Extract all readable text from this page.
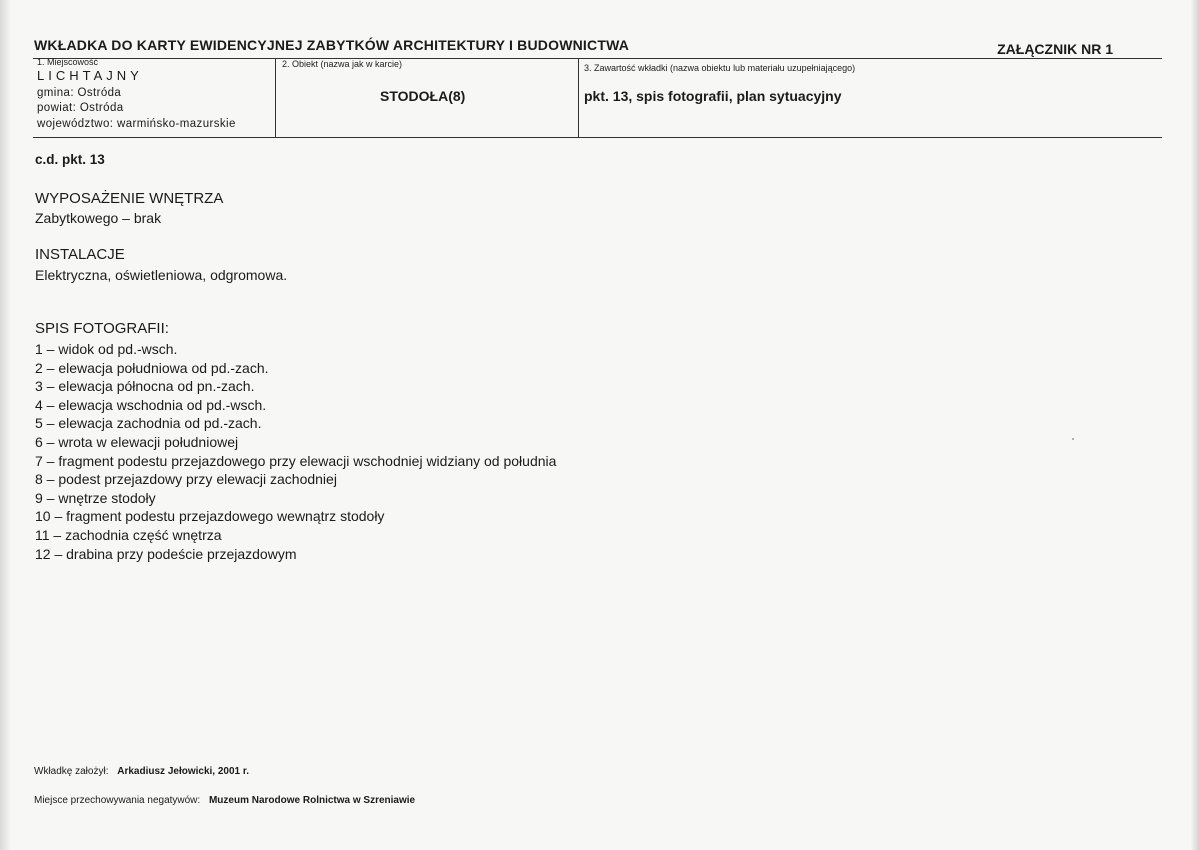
WKŁADKA DO KARTY EWIDENCYJNEJ ZABYTKÓW ARCHITEKTURY I BUDOWNICTWA	ZAŁĄCZNIK NR 1
1. Miejscowość
LICHTAJNY
gmina: Ostróda
powiat: Ostróda
województwo: warmińsko-mazurskie
2. Obiekt (nazwa jak w karcie)
STODOŁA(8)
3. Zawartość wkładki (nazwa obiektu lub materiału uzupełniającego)
pkt. 13, spis fotografii, plan sytuacyjny
c.d. pkt. 13
WYPOSAŻENIE WNĘTRZA
Zabytkowego – brak
INSTALACJE
Elektryczna, oświetleniowa, odgromowa.
SPIS FOTOGRAFII:
1 – widok od pd.-wsch.
2 – elewacja południowa od pd.-zach.
3 – elewacja północna od pn.-zach.
4 – elewacja wschodnia od pd.-wsch.
5 – elewacja zachodnia od pd.-zach.
6 – wrota w elewacji południowej
7 – fragment podestu przejazdowego przy elewacji wschodniej widziany od południa
8 – podest przejazdowy przy elewacji zachodniej
9 – wnętrze stodoły
10 – fragment podestu przejazdowego wewnątrz stodoły
11 – zachodnia część wnętrza
12 – drabina przy podeście przejazdowym
Wkładkę założył: Arkadiusz Jełowicki, 2001 r.
Miejsce przechowywania negatywów: Muzeum Narodowe Rolnictwa w Szreniawie
